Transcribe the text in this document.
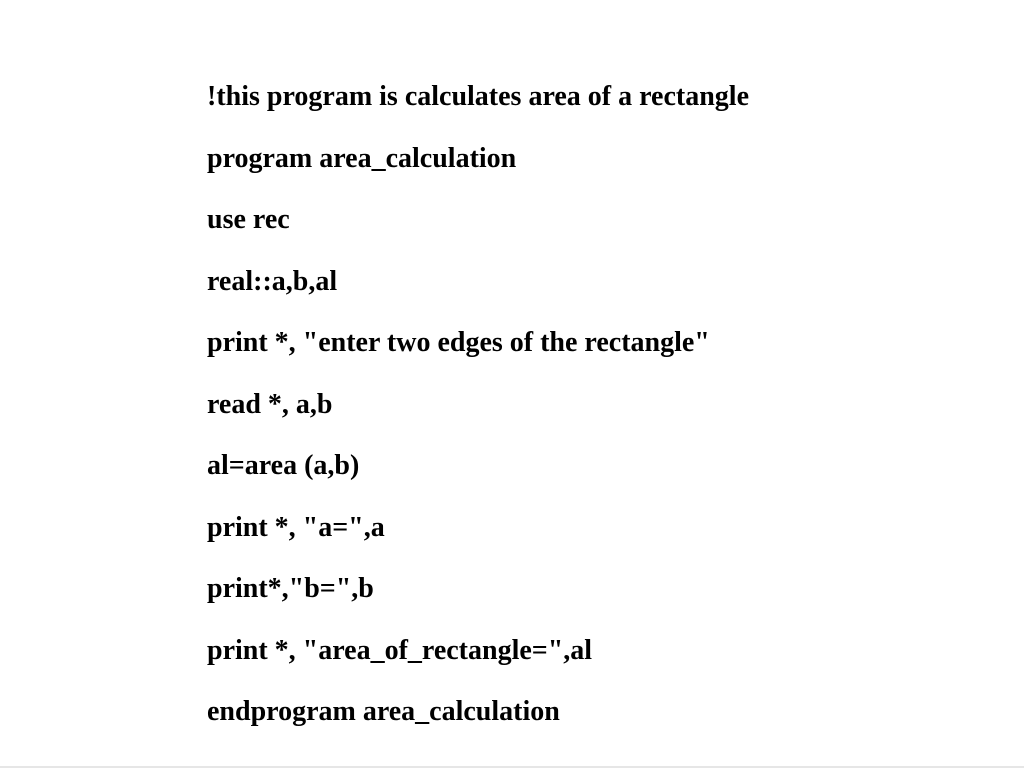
!this program is calculates area of a rectangle
program area_calculation
use rec
real::a,b,al
print *, "enter two edges of the rectangle"
read *, a,b
al=area (a,b)
print *, "a=",a
print*,"b=",b
print *, "area_of_rectangle=",al
endprogram area_calculation
